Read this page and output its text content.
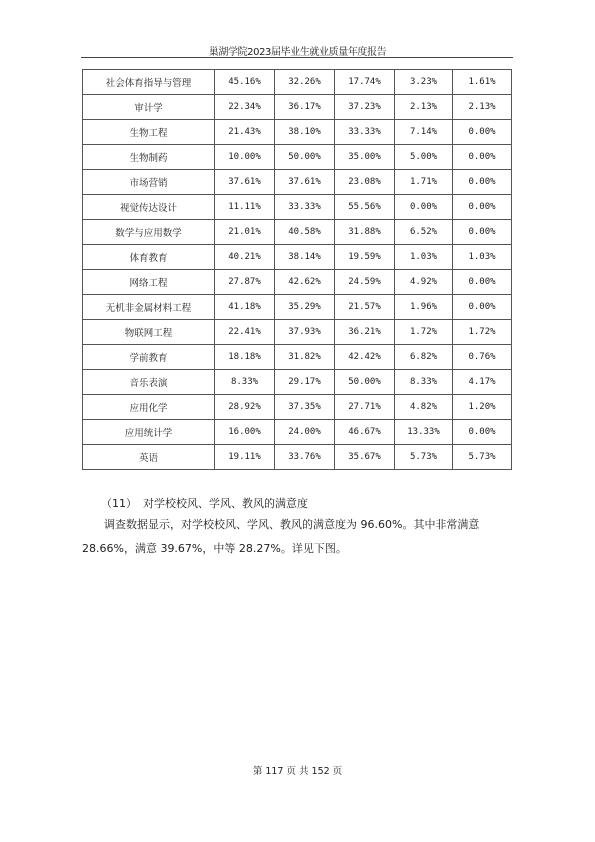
巢湖学院2023届毕业生就业质量年度报告
社会体育指导与管理	45.16%	32.26%	17.74%	3.23%	1.61%
审计学	22.34%	36.17%	37.23%	2.13%	2.13%
生物工程	21.43%	38.10%	33.33%	7.14%	0.00%
生物制药	10.00%	50.00%	35.00%	5.00%	0.00%
市场营销	37.61%	37.61%	23.08%	1.71%	0.00%
视觉传达设计	11.11%	33.33%	55.56%	0.00%	0.00%
数学与应用数学	21.01%	40.58%	31.88%	6.52%	0.00%
体育教育	40.21%	38.14%	19.59%	1.03%	1.03%
网络工程	27.87%	42.62%	24.59%	4.92%	0.00%
无机非金属材料工程	41.18%	35.29%	21.57%	1.96%	0.00%
物联网工程	22.41%	37.93%	36.21%	1.72%	1.72%
学前教育	18.18%	31.82%	42.42%	6.82%	0.76%
音乐表演	8.33%	29.17%	50.00%	8.33%	4.17%
应用化学	28.92%	37.35%	27.71%	4.82%	1.20%
应用统计学	16.00%	24.00%	46.67%	13.33%	0.00%
英语	19.11%	33.76%	35.67%	5.73%	5.73%
（11） 对学校校风、学风、教风的满意度
调查数据显示，对学校校风、学风、教风的满意度为 96.60%。其中非常满意
28.66%，满意 39.67%，中等 28.27%。详见下图。
第 117 页 共 152 页
